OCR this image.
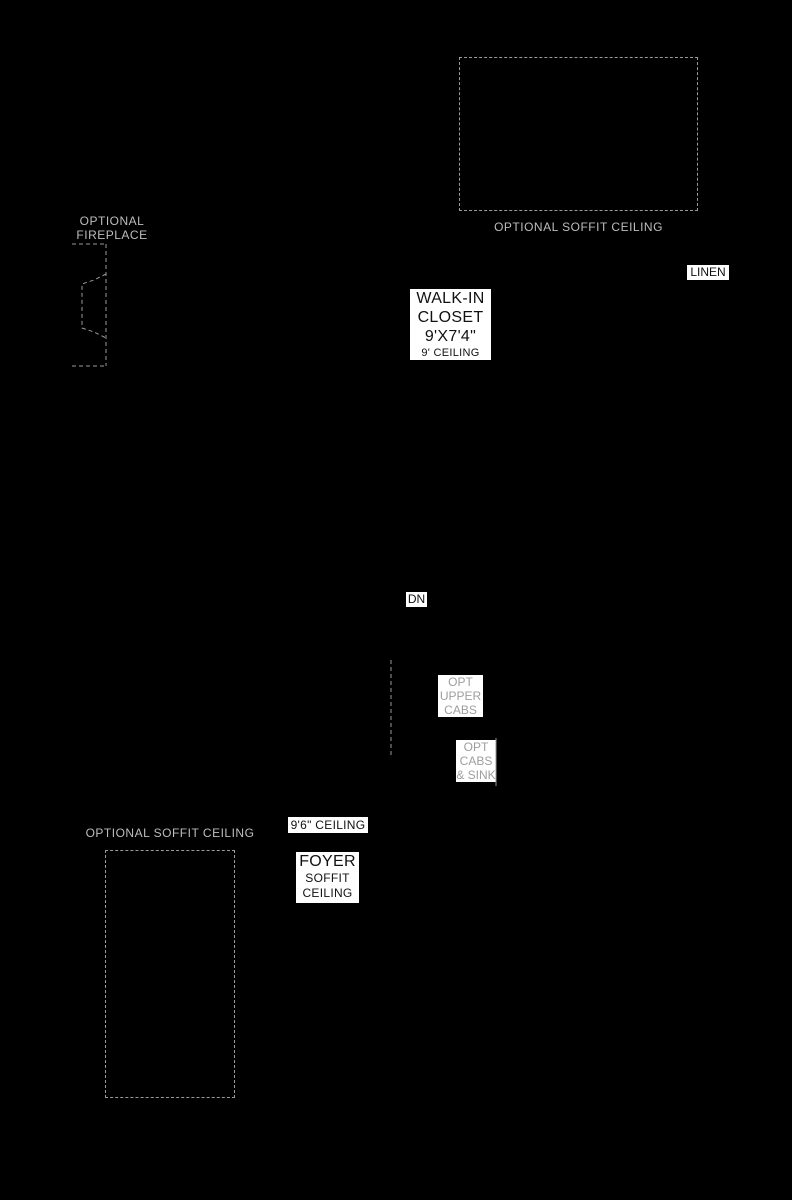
OPTIONAL SOFFIT CEILING
OPTIONAL
FIREPLACE
LINEN
WALK-IN
CLOSET
9'X7'4"
9' CEILING
DN
OPT
UPPER
CABS
OPT
CABS
& SINK
OPTIONAL SOFFIT CEILING
9'6" CEILING
FOYER
SOFFIT
CEILING
